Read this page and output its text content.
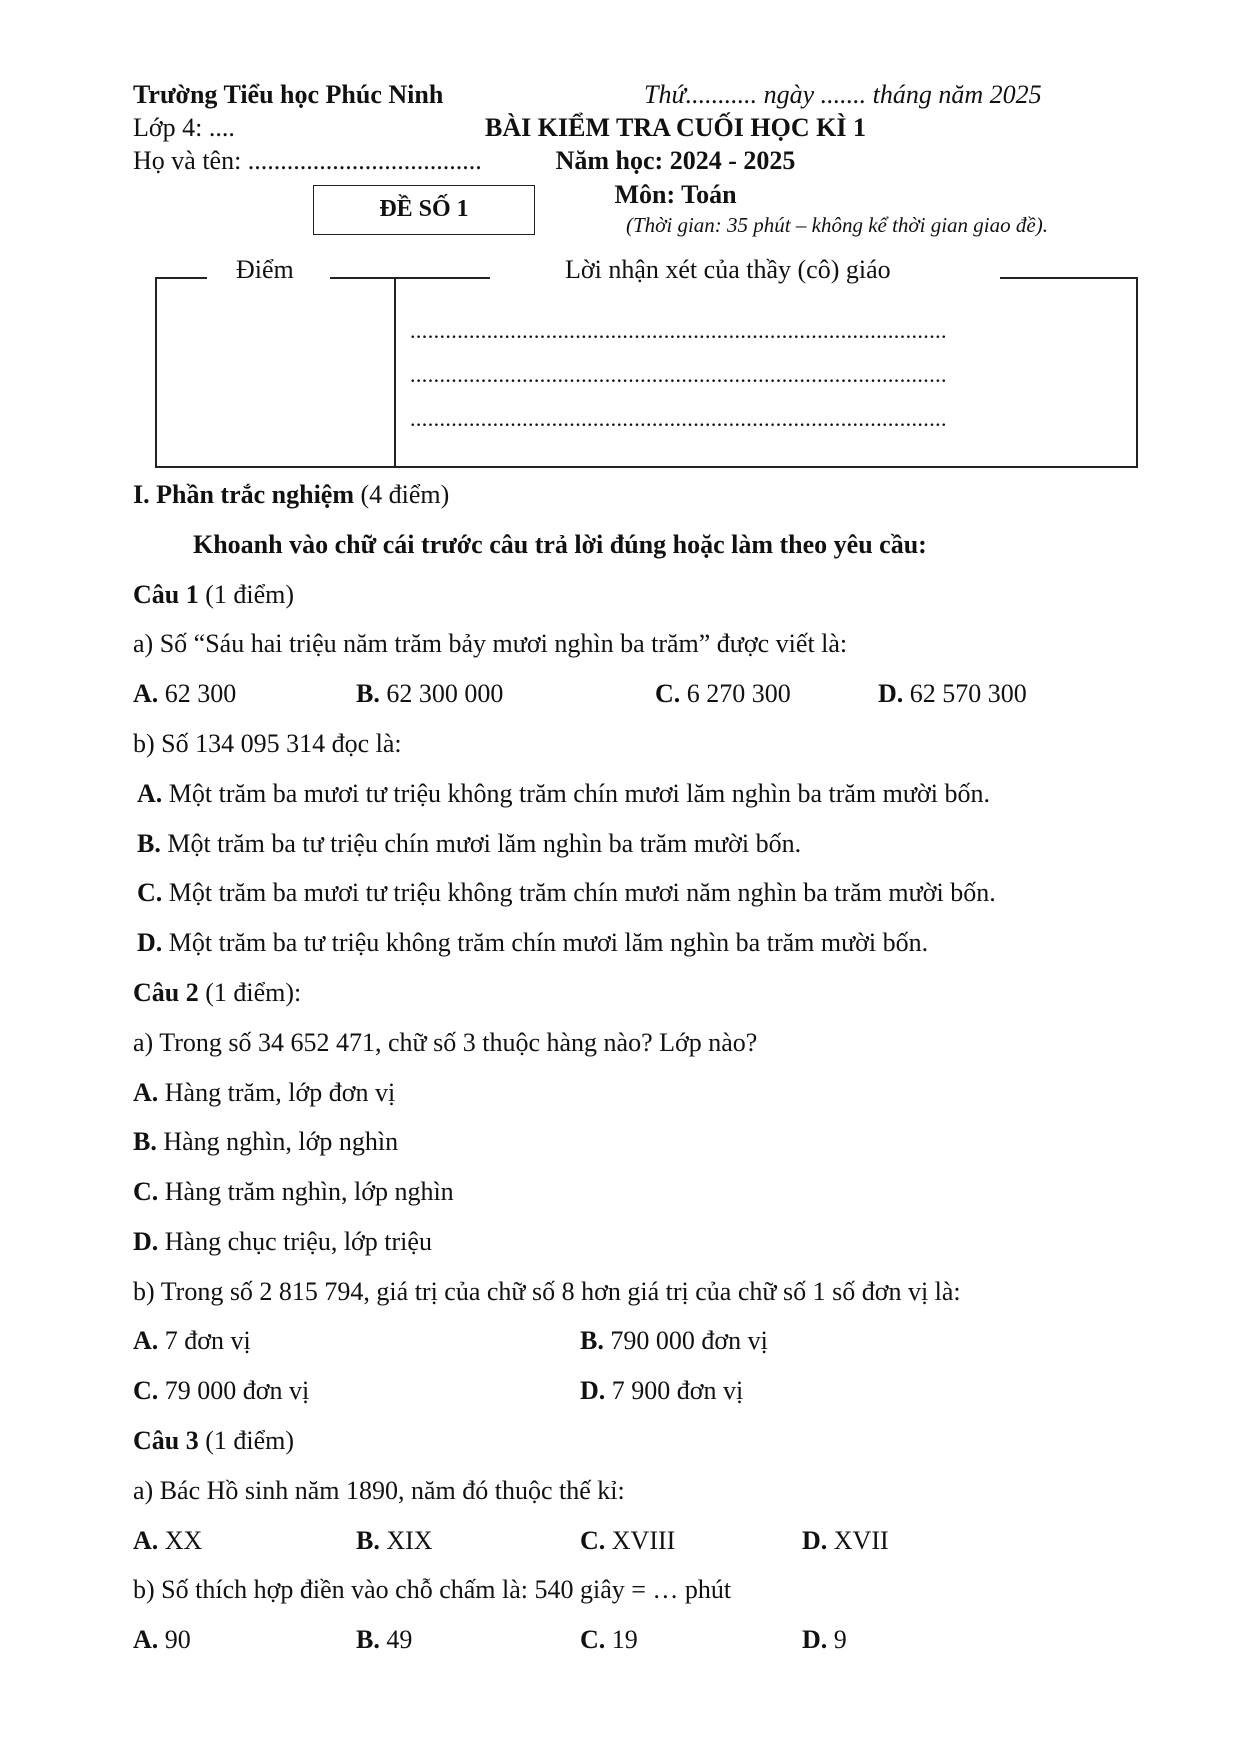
Trường Tiểu học Phúc Ninh
Lớp 4: ....
Họ và tên: ....................................
ĐỀ SỐ 1
Thứ........... ngày ....... tháng năm 2025
BÀI KIỂM TRA CUỐI HỌC KÌ 1
Năm học: 2024 - 2025
Môn: Toán
(Thời gian: 35 phút – không kể thời gian giao đề).
Điểm	Lời nhận xét của thầy (cô) giáo
...........................................................................................
...........................................................................................
...........................................................................................
I. Phần trắc nghiệm (4 điểm)
Khoanh vào chữ cái trước câu trả lời đúng hoặc làm theo yêu cầu:
Câu 1 (1 điểm)
a) Số “Sáu hai triệu năm trăm bảy mươi nghìn ba trăm” được viết là:
A. 62 300	B. 62 300 000	C. 6 270 300	D. 62 570 300
b) Số 134 095 314 đọc là:
A. Một trăm ba mươi tư triệu không trăm chín mươi lăm nghìn ba trăm mười bốn.
B. Một trăm ba tư triệu chín mươi lăm nghìn ba trăm mười bốn.
C. Một trăm ba mươi tư triệu không trăm chín mươi năm nghìn ba trăm mười bốn.
D. Một trăm ba tư triệu không trăm chín mươi lăm nghìn ba trăm mười bốn.
Câu 2 (1 điểm):
a) Trong số 34 652 471, chữ số 3 thuộc hàng nào? Lớp nào?
A. Hàng trăm, lớp đơn vị
B. Hàng nghìn, lớp nghìn
C. Hàng trăm nghìn, lớp nghìn
D. Hàng chục triệu, lớp triệu
b) Trong số 2 815 794, giá trị của chữ số 8 hơn giá trị của chữ số 1 số đơn vị là:
A. 7 đơn vị	B. 790 000 đơn vị
C. 79 000 đơn vị	D. 7 900 đơn vị
Câu 3 (1 điểm)
a) Bác Hồ sinh năm 1890, năm đó thuộc thế kỉ:
A. XX	B. XIX	C. XVIII	D. XVII
b) Số thích hợp điền vào chỗ chấm là: 540 giây = … phút
A. 90	B. 49	C. 19	D. 9
